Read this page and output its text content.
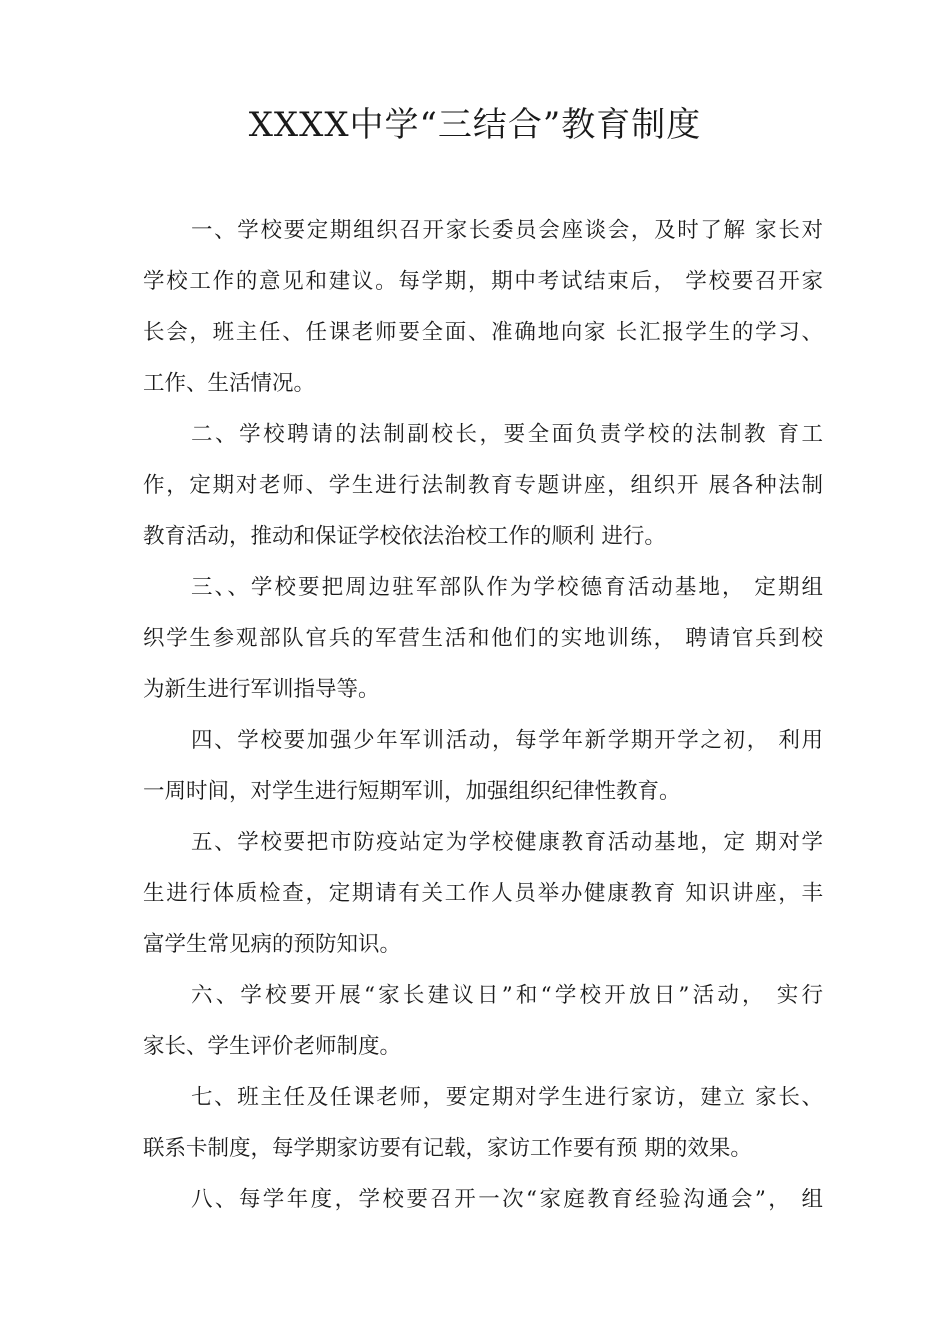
XXXX中学“三结合”教育制度
一、学校要定期组织召开家长委员会座谈会，及时了解 家长对
学校工作的意见和建议。每学期，期中考试结束后， 学校要召开家
长会，班主任、任课老师要全面、准确地向家 长汇报学生的学习、
工作、生活情况。
二、学校聘请的法制副校长，要全面负责学校的法制教 育工
作，定期对老师、学生进行法制教育专题讲座，组织开 展各种法制
教育活动，推动和保证学校依法治校工作的顺利 进行。
三、、学校要把周边驻军部队作为学校德育活动基地， 定期组
织学生参观部队官兵的军营生活和他们的实地训练， 聘请官兵到校
为新生进行军训指导等。
四、学校要加强少年军训活动，每学年新学期开学之初， 利用
一周时间，对学生进行短期军训，加强组织纪律性教育。
五、学校要把市防疫站定为学校健康教育活动基地，定 期对学
生进行体质检查，定期请有关工作人员举办健康教育 知识讲座，丰
富学生常见病的预防知识。
六、学校要开展“家长建议日”和“学校开放日”活动， 实行
家长、学生评价老师制度。
七、班主任及任课老师，要定期对学生进行家访，建立 家长、
联系卡制度，每学期家访要有记载，家访工作要有预 期的效果。
八、每学年度，学校要召开一次“家庭教育经验沟通会”， 组
